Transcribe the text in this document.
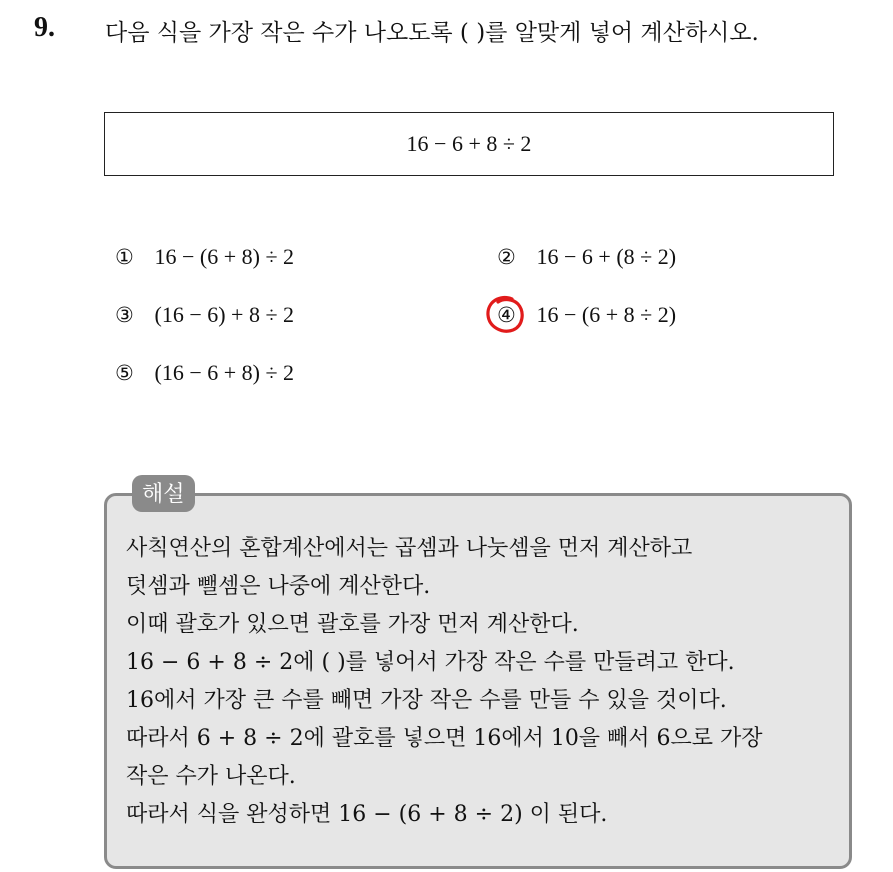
9. 다음 식을 가장 작은 수가 나오도록 ( )를 알맞게 넣어 계산하시오.
16 − 6 + 8 ÷ 2
① 16 − (6 + 8) ÷ 2	② 16 − 6 + (8 ÷ 2)
③ (16 − 6) + 8 ÷ 2	④ 16 − (6 + 8 ÷ 2)
⑤ (16 − 6 + 8) ÷ 2
해설
사칙연산의 혼합계산에서는 곱셈과 나눗셈을 먼저 계산하고
덧셈과 뺄셈은 나중에 계산한다.
이때 괄호가 있으면 괄호를 가장 먼저 계산한다.
16 − 6 + 8 ÷ 2에 ( )를 넣어서 가장 작은 수를 만들려고 한다.
16에서 가장 큰 수를 빼면 가장 작은 수를 만들 수 있을 것이다.
따라서 6 + 8 ÷ 2에 괄호를 넣으면 16에서 10을 빼서 6으로 가장
작은 수가 나온다.
따라서 식을 완성하면 16 − (6 + 8 ÷ 2) 이 된다.
